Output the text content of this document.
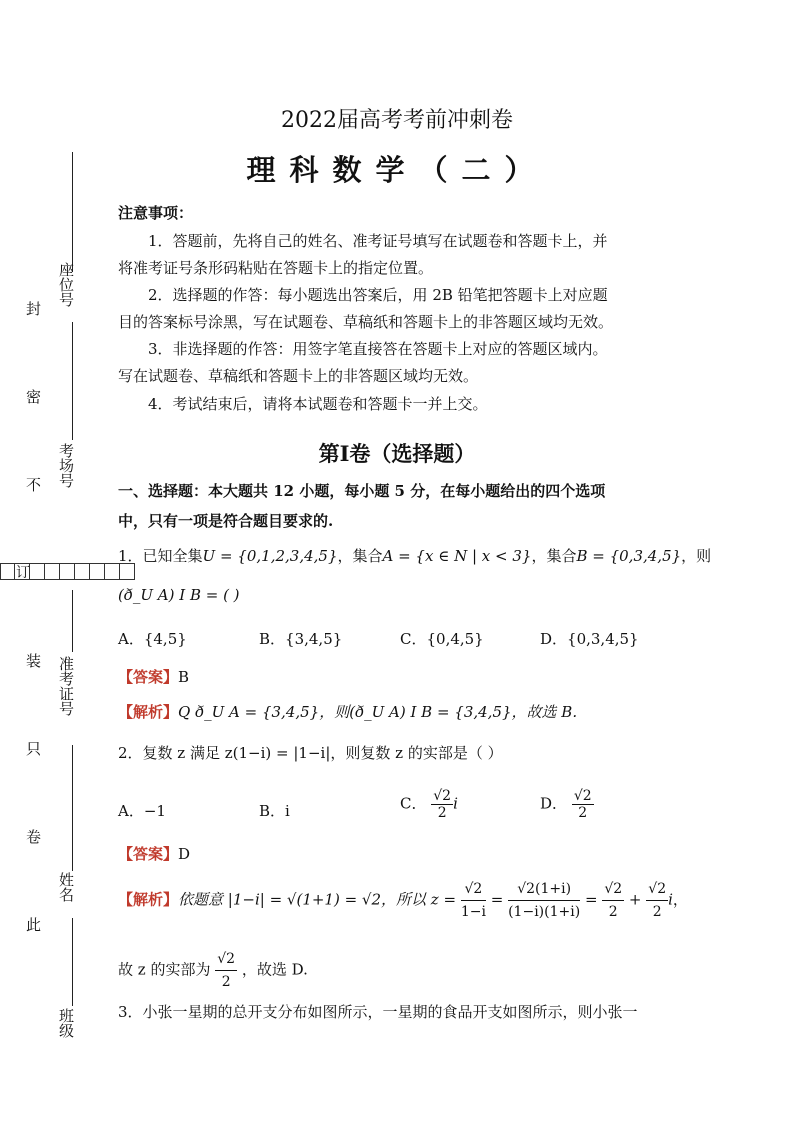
2022届高考考前冲刺卷
理科数学（二）
注意事项：
1．答题前，先将自己的姓名、准考证号填写在试题卷和答题卡上，并
将准考证号条形码粘贴在答题卡上的指定位置。
2．选择题的作答：每小题选出答案后，用 2B 铅笔把答题卡上对应题
目的答案标号涂黑，写在试题卷、草稿纸和答题卡上的非答题区域均无效。
3．非选择题的作答：用签字笔直接答在答题卡上对应的答题区域内。
写在试题卷、草稿纸和答题卡上的非答题区域均无效。
4．考试结束后，请将本试题卷和答题卡一并上交。
第Ⅰ卷（选择题）
一、选择题：本大题共 12 小题，每小题 5 分，在每小题给出的四个选项
中，只有一项是符合题目要求的.
1．已知全集U = {0,1,2,3,4,5}，集合A = {x ∈ N | x < 3}，集合B = {0,3,4,5}，则
(ð_U A) I B = ( )
A．{4,5}	B．{3,4,5}	C．{0,4,5}	D．{0,3,4,5}
【答案】B
【解析】Q ð_U A = {3,4,5}，则(ð_U A) I B = {3,4,5}，故选 B.
2．复数 z 满足 z(1−i) = |1−i|，则复数 z 的实部是（ ）
A．−1	B．i	C． $\frac{√2}{2}$ i	D． $\frac{√2}{2}$
【答案】D
【解析】依题意 |1−i| = √(1+1) = √2，所以 $z = \frac{√2}{1-i} = \frac{√2(1+i)}{(1-i)(1+i)} = \frac{√2}{2} + \frac{√2}{2}$ i，
故 z 的实部为 $\frac{√2}{2}$ ，故选 D.
3．小张一星期的总开支分布如图所示，一星期的食品开支如图所示，则小张一
座位号
考场号
准考证号
姓名
班级
封
密
不
订
装
只
卷
此
